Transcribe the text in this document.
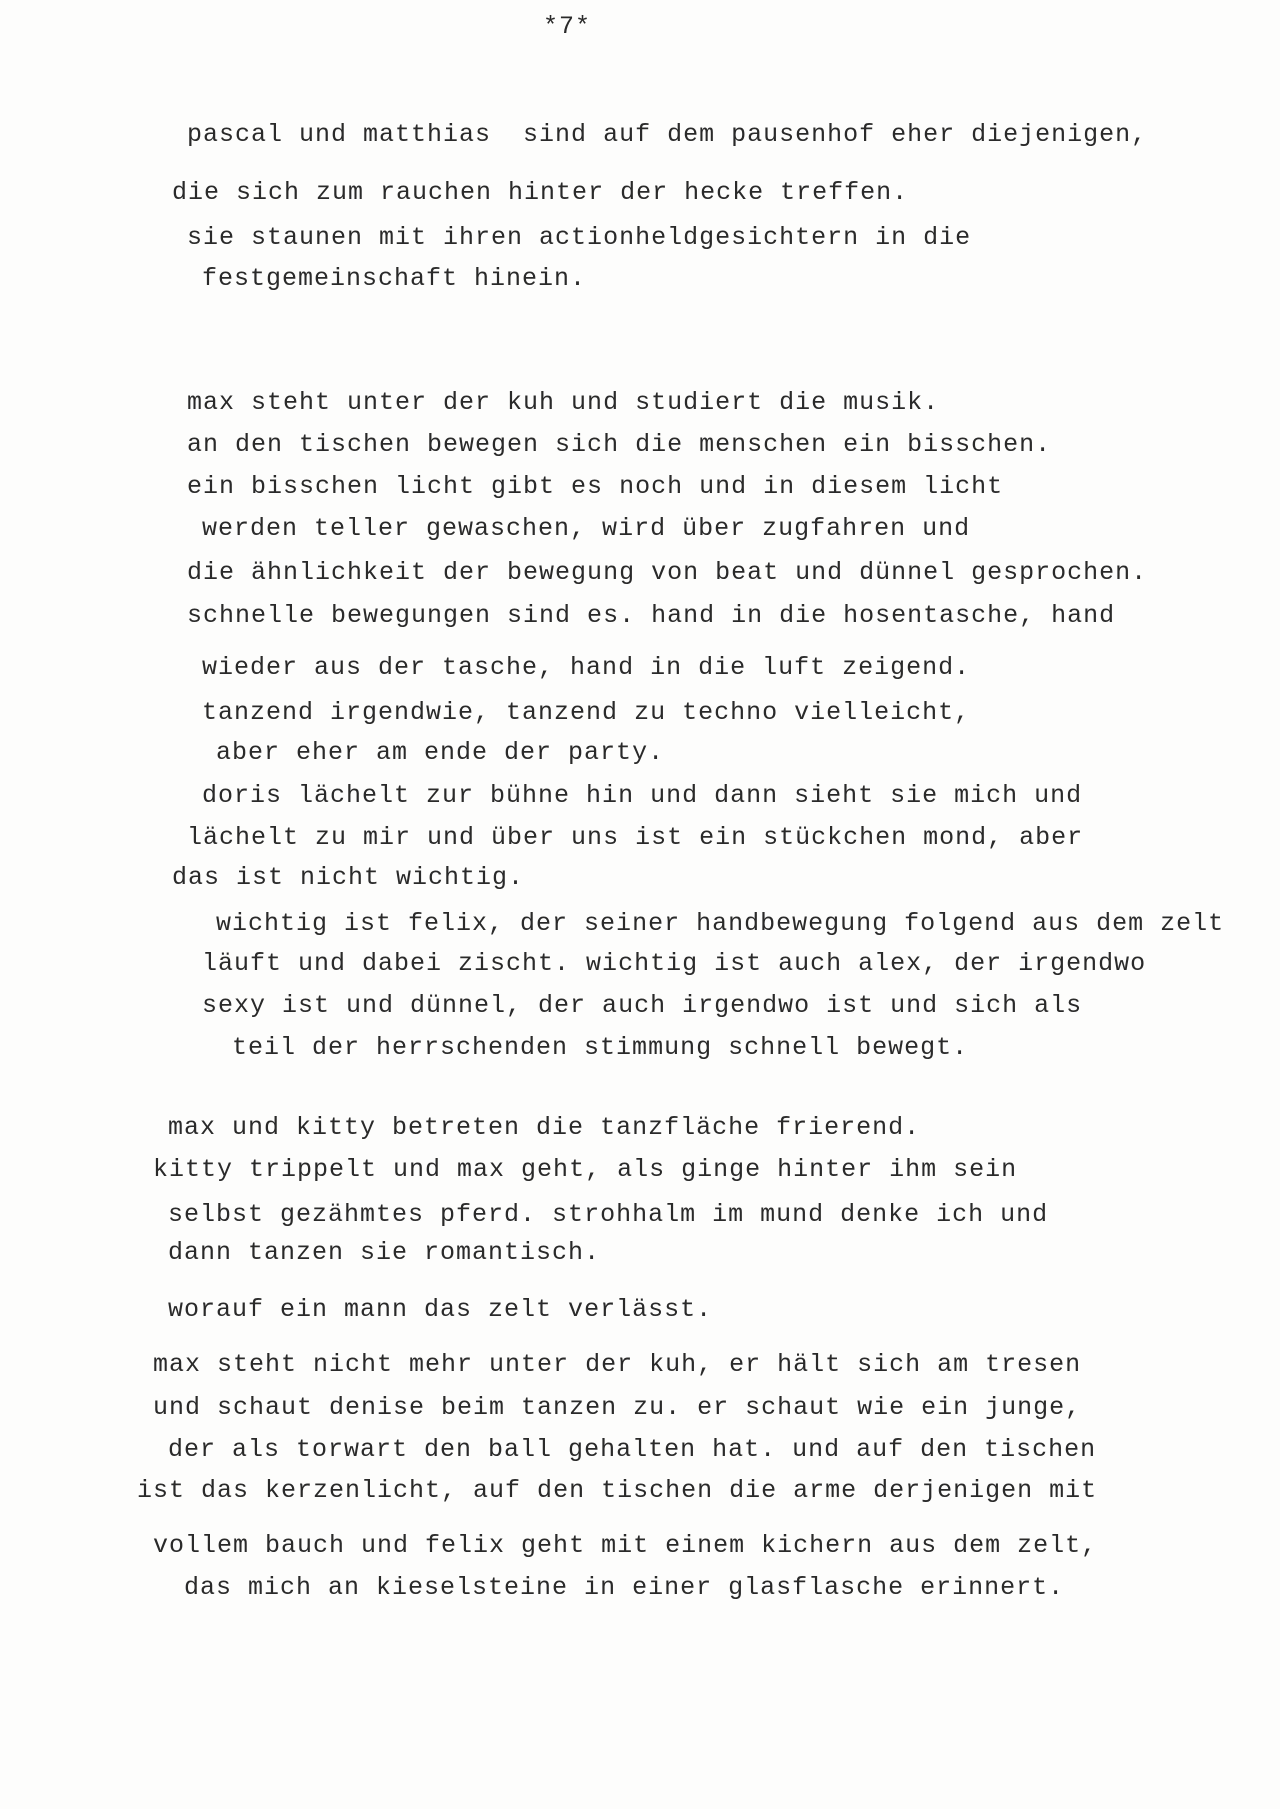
*7*
pascal und matthias  sind auf dem pausenhof eher diejenigen,
die sich zum rauchen hinter der hecke treffen.
sie staunen mit ihren actionheldgesichtern in die
festgemeinschaft hinein.
max steht unter der kuh und studiert die musik.
an den tischen bewegen sich die menschen ein bisschen.
ein bisschen licht gibt es noch und in diesem licht
werden teller gewaschen, wird über zugfahren und
die ähnlichkeit der bewegung von beat und dünnel gesprochen.
schnelle bewegungen sind es. hand in die hosentasche, hand
wieder aus der tasche, hand in die luft zeigend.
tanzend irgendwie, tanzend zu techno vielleicht,
aber eher am ende der party.
doris lächelt zur bühne hin und dann sieht sie mich und
lächelt zu mir und über uns ist ein stückchen mond, aber
das ist nicht wichtig.
wichtig ist felix, der seiner handbewegung folgend aus dem zelt
läuft und dabei zischt. wichtig ist auch alex, der irgendwo
sexy ist und dünnel, der auch irgendwo ist und sich als
teil der herrschenden stimmung schnell bewegt.
max und kitty betreten die tanzfläche frierend.
kitty trippelt und max geht, als ginge hinter ihm sein
selbst gezähmtes pferd. strohhalm im mund denke ich und
dann tanzen sie romantisch.
worauf ein mann das zelt verlässt.
max steht nicht mehr unter der kuh, er hält sich am tresen
und schaut denise beim tanzen zu. er schaut wie ein junge,
der als torwart den ball gehalten hat. und auf den tischen
ist das kerzenlicht, auf den tischen die arme derjenigen mit
vollem bauch und felix geht mit einem kichern aus dem zelt,
das mich an kieselsteine in einer glasflasche erinnert.
